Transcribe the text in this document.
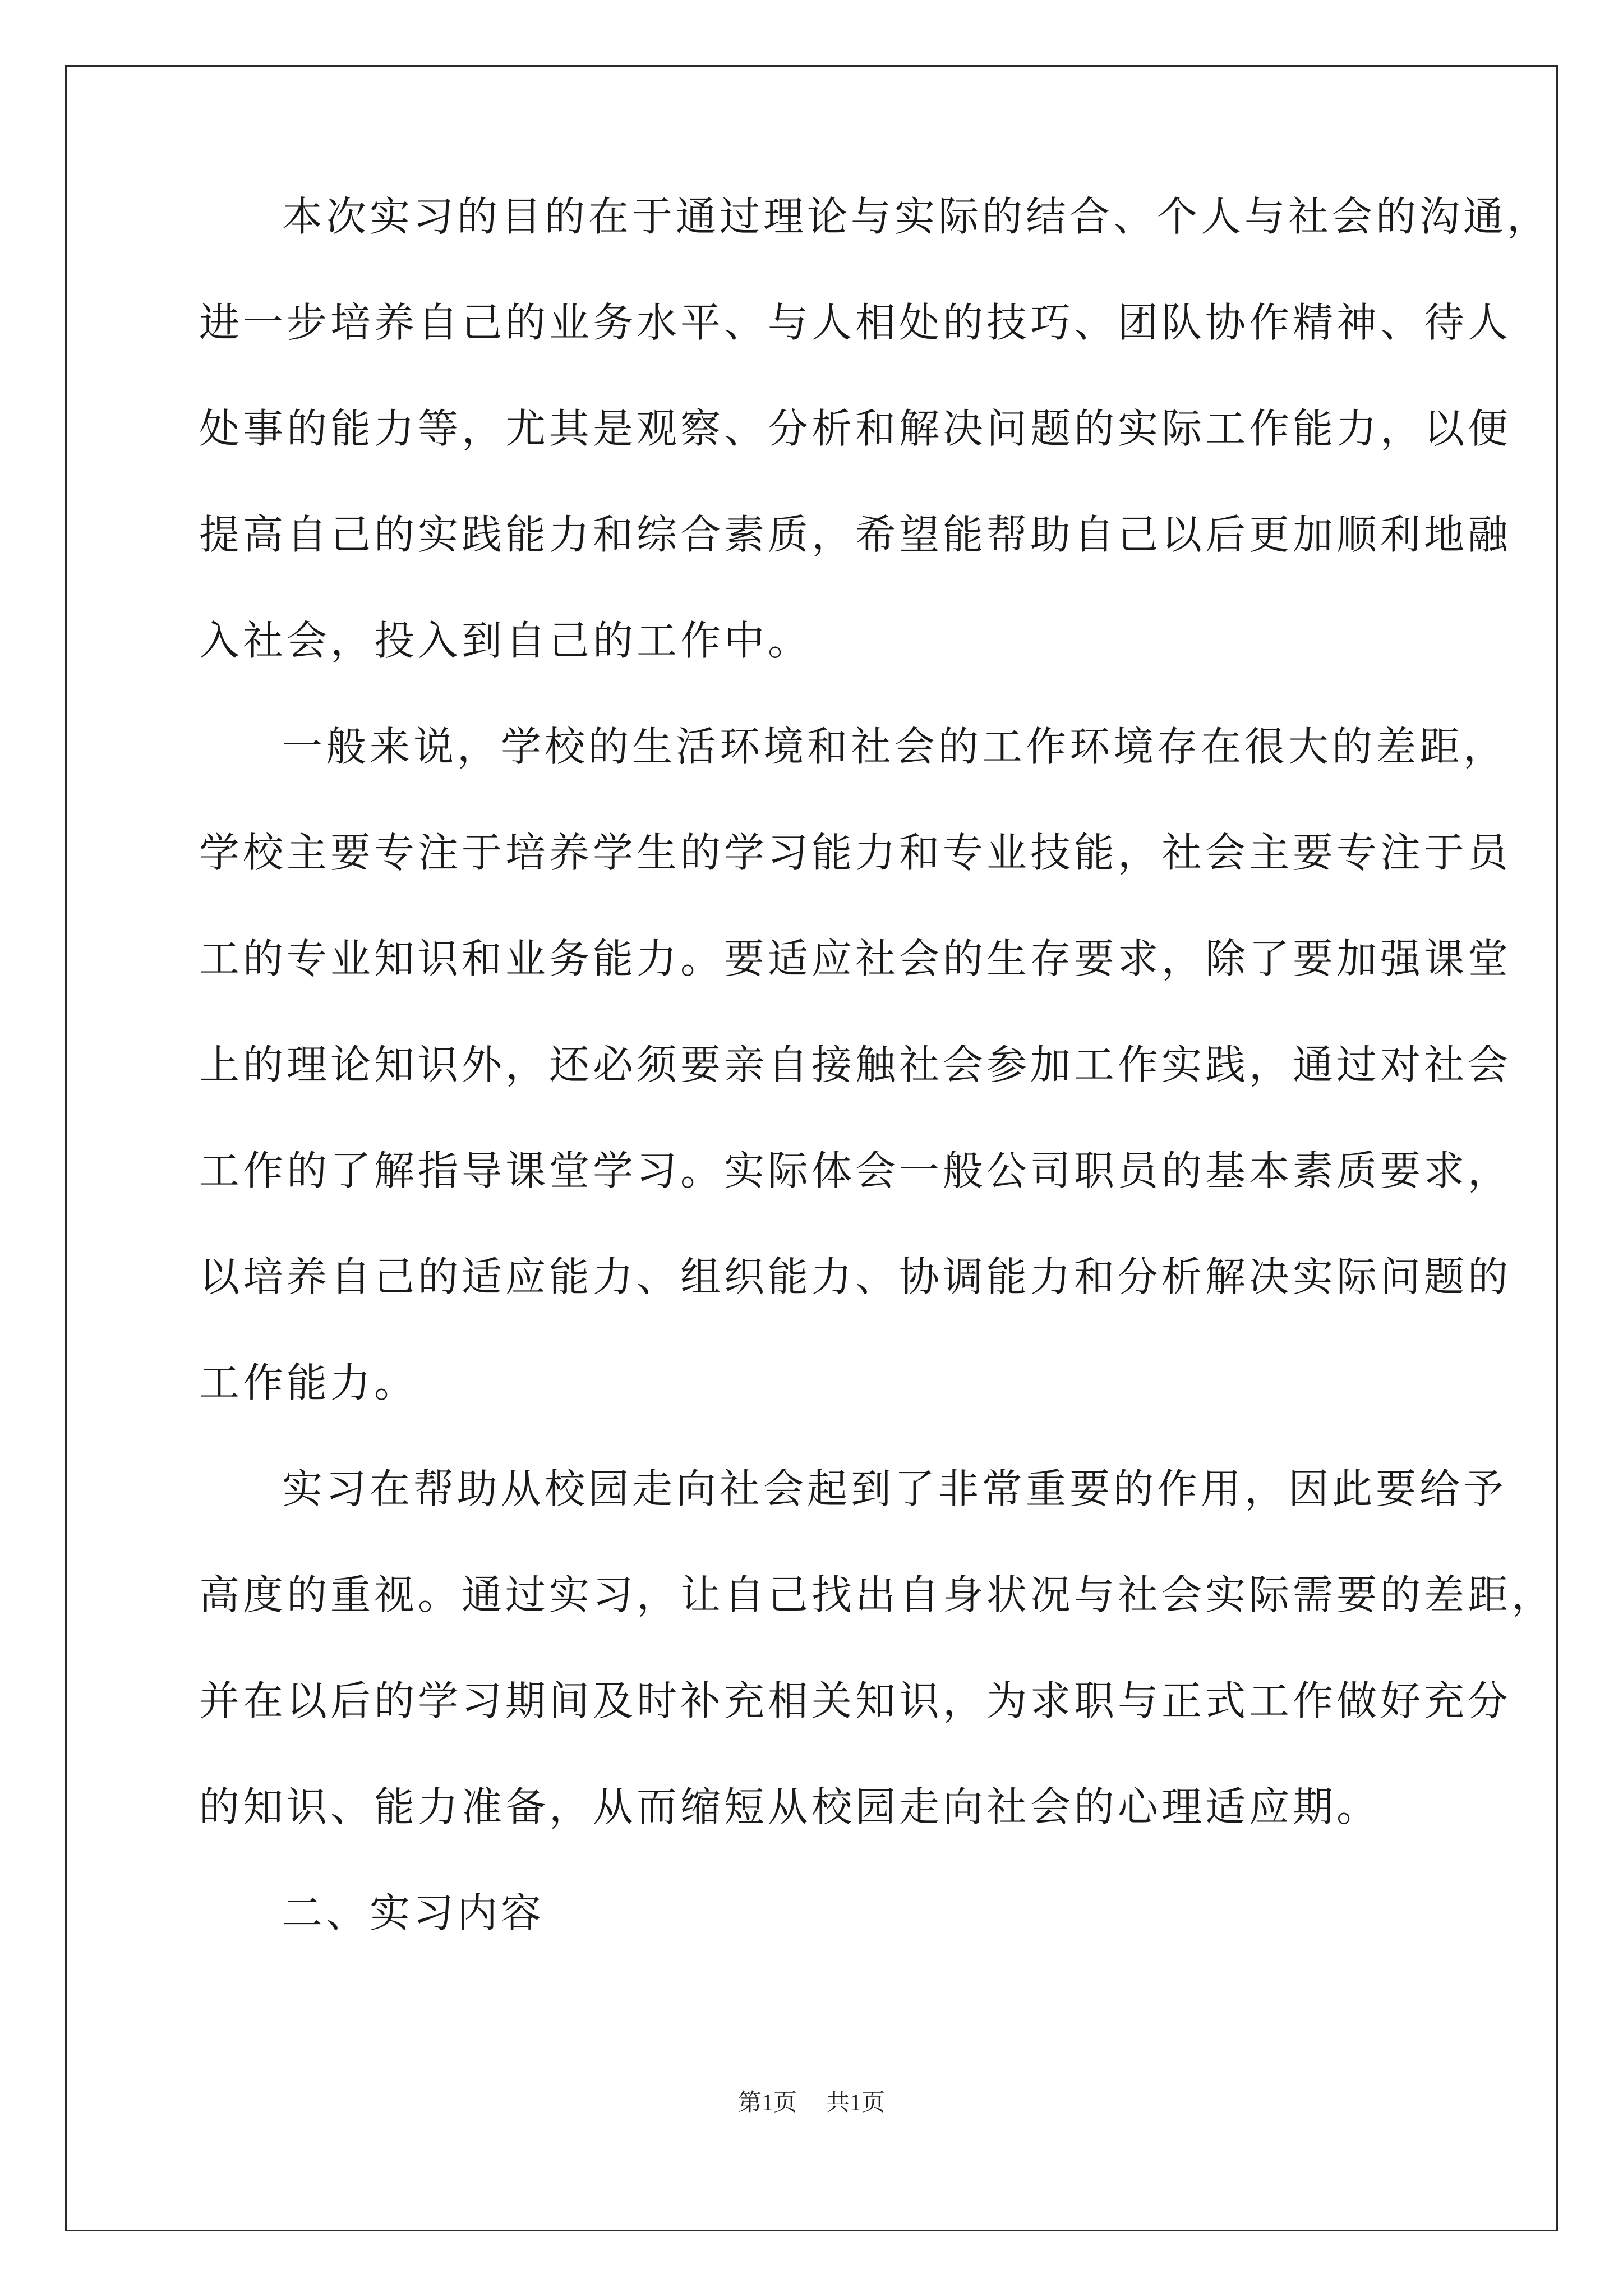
本次实习的目的在于通过理论与实际的结合、个人与社会的沟通，
进一步培养自己的业务水平、与人相处的技巧、团队协作精神、待人
处事的能力等，尤其是观察、分析和解决问题的实际工作能力，以便
提高自己的实践能力和综合素质，希望能帮助自己以后更加顺利地融
入社会，投入到自己的工作中。
一般来说，学校的生活环境和社会的工作环境存在很大的差距，
学校主要专注于培养学生的学习能力和专业技能，社会主要专注于员
工的专业知识和业务能力。要适应社会的生存要求，除了要加强课堂
上的理论知识外，还必须要亲自接触社会参加工作实践，通过对社会
工作的了解指导课堂学习。实际体会一般公司职员的基本素质要求，
以培养自己的适应能力、组织能力、协调能力和分析解决实际问题的
工作能力。
实习在帮助从校园走向社会起到了非常重要的作用，因此要给予
高度的重视。通过实习，让自己找出自身状况与社会实际需要的差距，
并在以后的学习期间及时补充相关知识，为求职与正式工作做好充分
的知识、能力准备，从而缩短从校园走向社会的心理适应期。
二、实习内容
第1页 共1页
